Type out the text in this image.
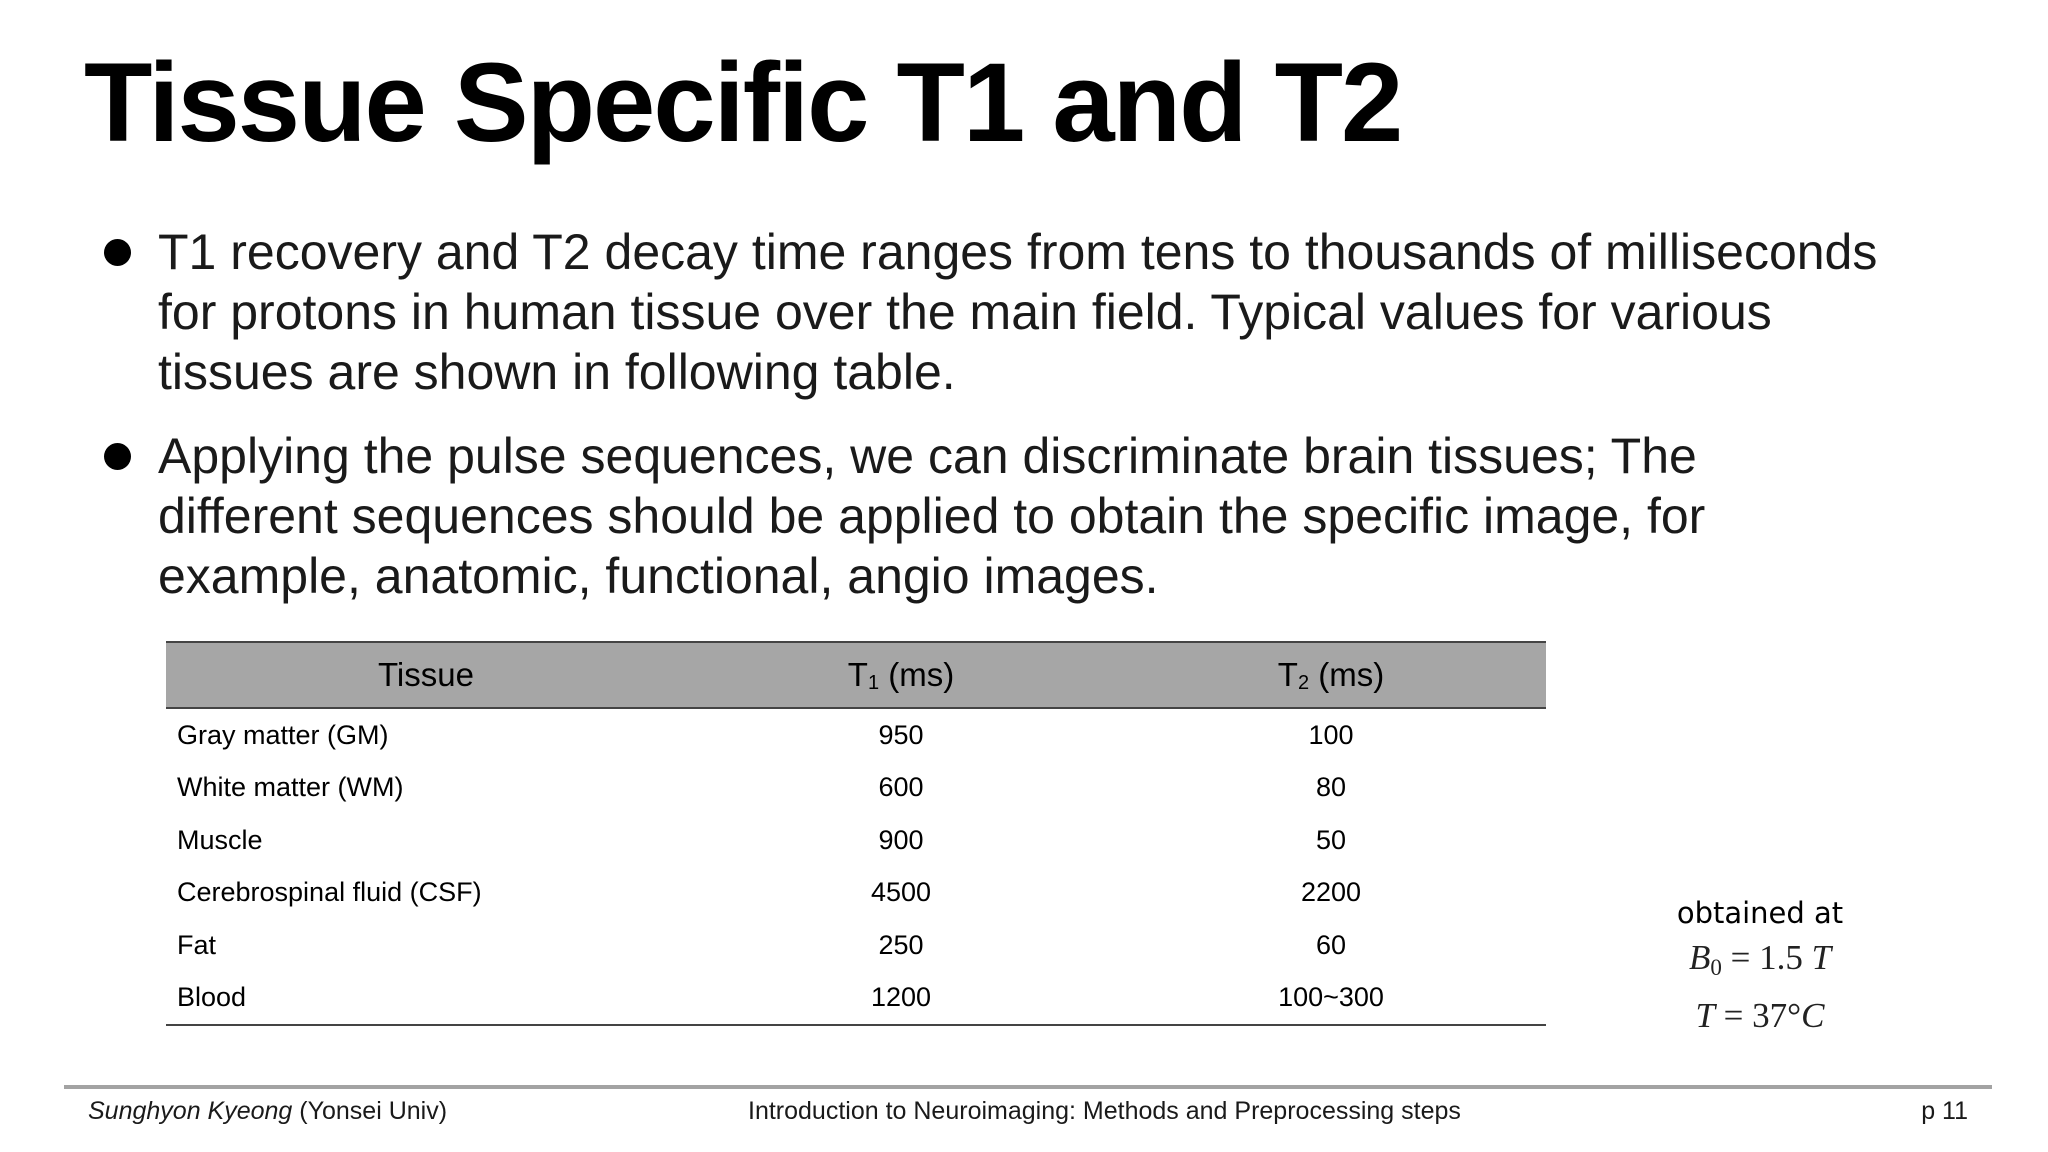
Tissue Specific T1 and T2
T1 recovery and T2 decay time ranges from tens to thousands of milliseconds for protons in human tissue over the main field. Typical values for various tissues are shown in following table.
Applying the pulse sequences, we can discriminate brain tissues; The different sequences should be applied to obtain the specific image, for example, anatomic, functional, angio images.
Tissue	$T_1$ (ms)	$T_2$ (ms)
Gray matter (GM)	950	100
White matter (WM)	600	80
Muscle	900	50
Cerebrospinal fluid (CSF)	4500	2200
Fat	250	60
Blood	1200	100~300
obtained at
$B_0 = 1.5$ T
T = 37°C
Sunghyon Kyeong (Yonsei Univ)	Introduction to Neuroimaging: Methods and Preprocessing steps	p 11
